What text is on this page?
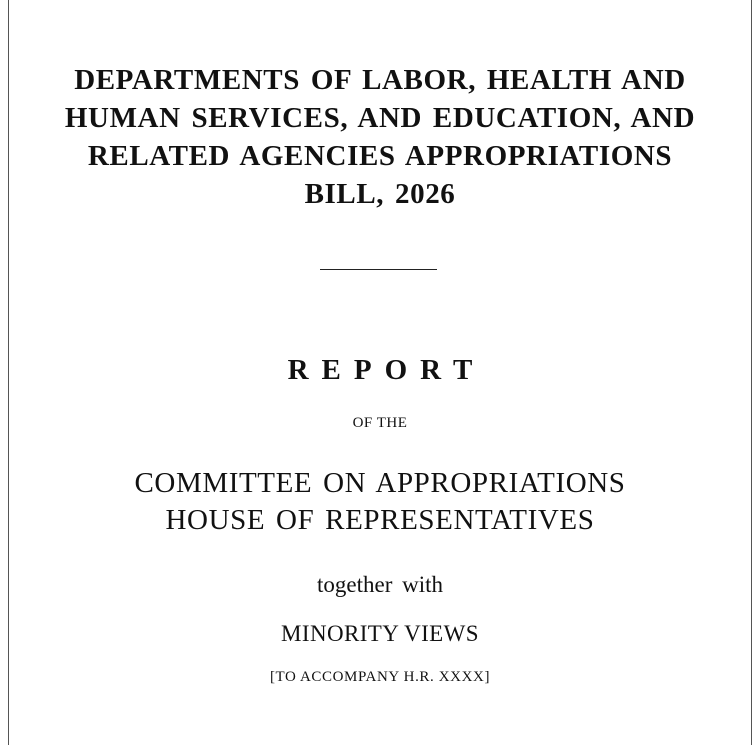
DEPARTMENTS OF LABOR, HEALTH AND
HUMAN SERVICES, AND EDUCATION, AND
RELATED AGENCIES APPROPRIATIONS
BILL, 2026
REPORT
OF THE
COMMITTEE ON APPROPRIATIONS
HOUSE OF REPRESENTATIVES
together with
MINORITY VIEWS
[TO ACCOMPANY H.R. XXXX]
